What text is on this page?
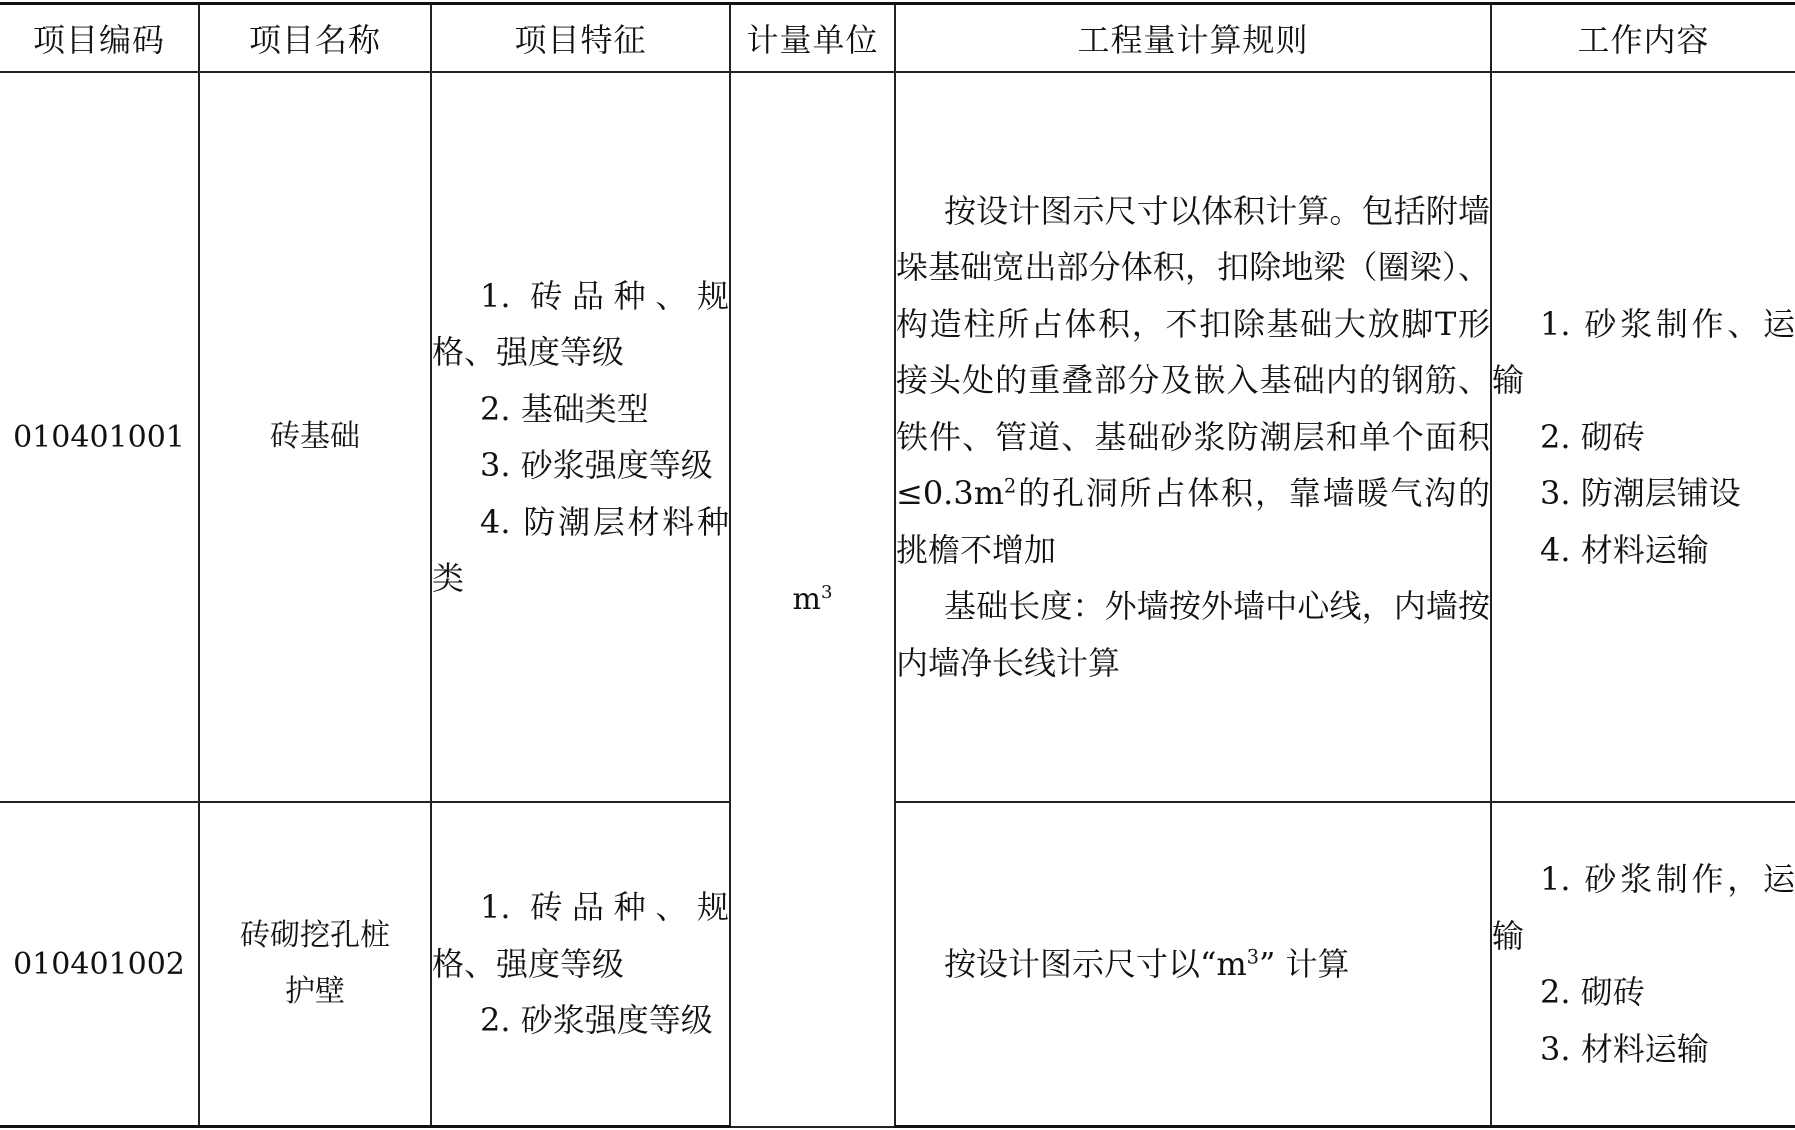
项目编码	项目名称	项目特征	计量单位	工程量计算规则	工作内容
010401001	砖基础	1. 砖品种、规格、强度等级
2. 基础类型
3. 砂浆强度等级
4. 防潮层材料种类	$m^3$	按设计图示尺寸以体积计算。包括附墙垛基础宽出部分体积，扣除地梁（圈梁）、构造柱所占体积，不扣除基础大放脚T形接头处的重叠部分及嵌入基础内的钢筋、铁件、管道、基础砂浆防潮层和单个面积$\le 0.3m^2$的孔洞所占体积，靠墙暖气沟的挑檐不增加
基础长度：外墙按外墙中心线，内墙按内墙净长线计算	1. 砂浆制作、运输
2. 砌砖
3. 防潮层铺设
4. 材料运输

010401002	砖砌挖孔桩
护壁	1. 砖品种、规格、强度等级
2. 砂浆强度等级		按设计图示尺寸以“$m^3$” 计算	1. 砂浆制作，运输
2. 砌砖
3. 材料运输
